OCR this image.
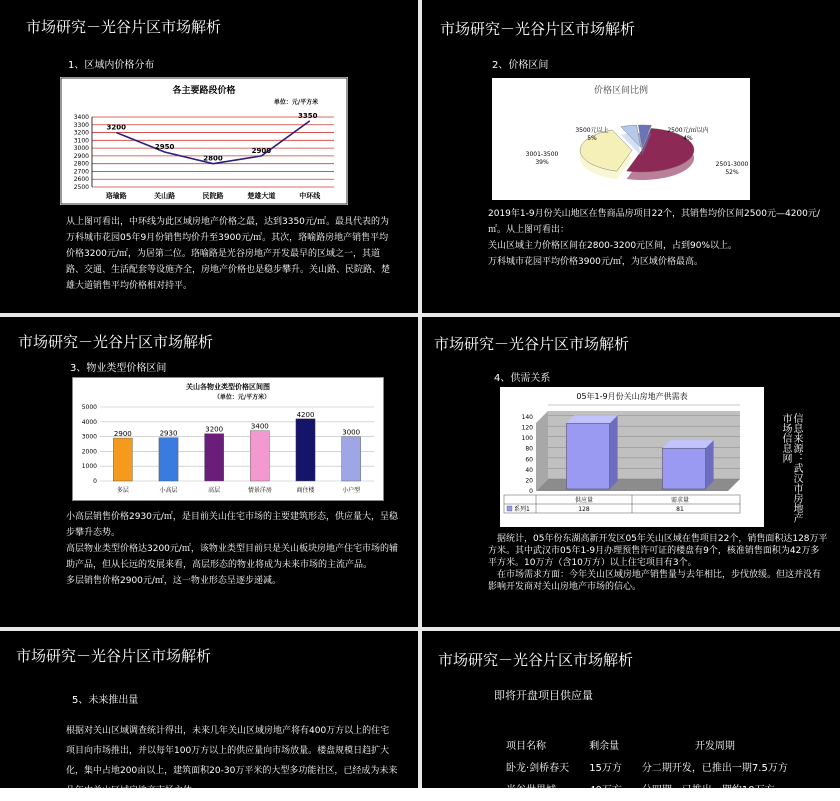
市场研究－光谷片区市场解析
1、区域内价格分布
各主要路段价格
单位：元/平方米
2500
2600
2700
2800
2900
3000
3100
3200
3300
3400
3200
2950
2800
2900
3350
珞瑜路	关山路	民院路	楚雄大道	中环线
从上图可看出，中环线为此区域房地产价格之最，达到3350元/㎡。最具代表的为万科城市花园05年9月份销售均价升至3900元/㎡。其次，珞喻路房地产销售平均价格3200元/㎡，为居第二位。珞喻路是光谷房地产开发最早的区域之一，其道路、交通、生活配套等设施齐全，房地产价格也是稳步攀升。关山路、民院路、楚雄大道销售平均价格相对持平。
市场研究－光谷片区市场解析
2、价格区间
价格区间比例
2501-3000
52%
3001-3500
39%
3500元以上
5%
2500元/㎡以内
4%

2019年1-9月份关山地区在售商品房项目22个，其销售均价区间2500元—4200元/㎡。从上图可看出：

关山区域主力价格区间在2800-3200元区间，占到90%以上。

万科城市花园平均价格3900元/㎡，为区域价格最高。

市场研究－光谷片区市场解析
3、物业类型价格区间
关山各物业类型价格区间图
（单位：元/平方米）
0
1000
2000
3000
4000
5000
2900
多层
2930
小高层
3200
高层
3400
情景洋房
4200
商住楼
3000
小户型

小高层销售价格2930元/㎡，是目前关山住宅市场的主要建筑形态，供应量大，呈稳步攀升态势。

高层物业类型价格达3200元/㎡，该物业类型目前只是关山板块房地产住宅市场的辅助产品，但从长远的发展来看，高层形态的物业将成为未来市场的主流产品。

多层销售价格2900元/㎡，这一物业形态呈逐步递减。

市场研究－光谷片区市场解析
4、供需关系
05年1-9月份关山房地产供需表
0
20
40
60
80
100
120
140
供应量
128
需求量
81
系列1	信息来源：武汉市房地产市场信息网

据统计，05年份东湖高新开发区05年关山区域在售项目22个，销售面积达128万平方米。其中武汉市05年1-9月办理预售许可证的楼盘有9个，核准销售面积为42万多平方米。10万方（含10万方）以上住宅项目有3个。

在市场需求方面：今年关山区域房地产销售量与去年相比，步伐放缓。但这并没有影响开发商对关山房地产市场的信心。

市场研究－光谷片区市场解析
5、未来推出量
根据对关山区域调查统计得出，未来几年关山区域房地产将有400万方以上的住宅项目向市场推出，并以每年100万方以上的供应量向市场放量。楼盘规模日趋扩大化，集中占地200亩以上，建筑面积20-30万平米的大型多功能社区，已经成为未来几年内关山区域房地产市场主体。
市场研究－光谷片区市场解析
即将开盘项目供应量
项目名称	剩余量	开发周期
卧龙·剑桥春天	15万方	分二期开发，已推出一期7.5万方
光谷世界城	40万方	分四期，已推出一期约10万方
